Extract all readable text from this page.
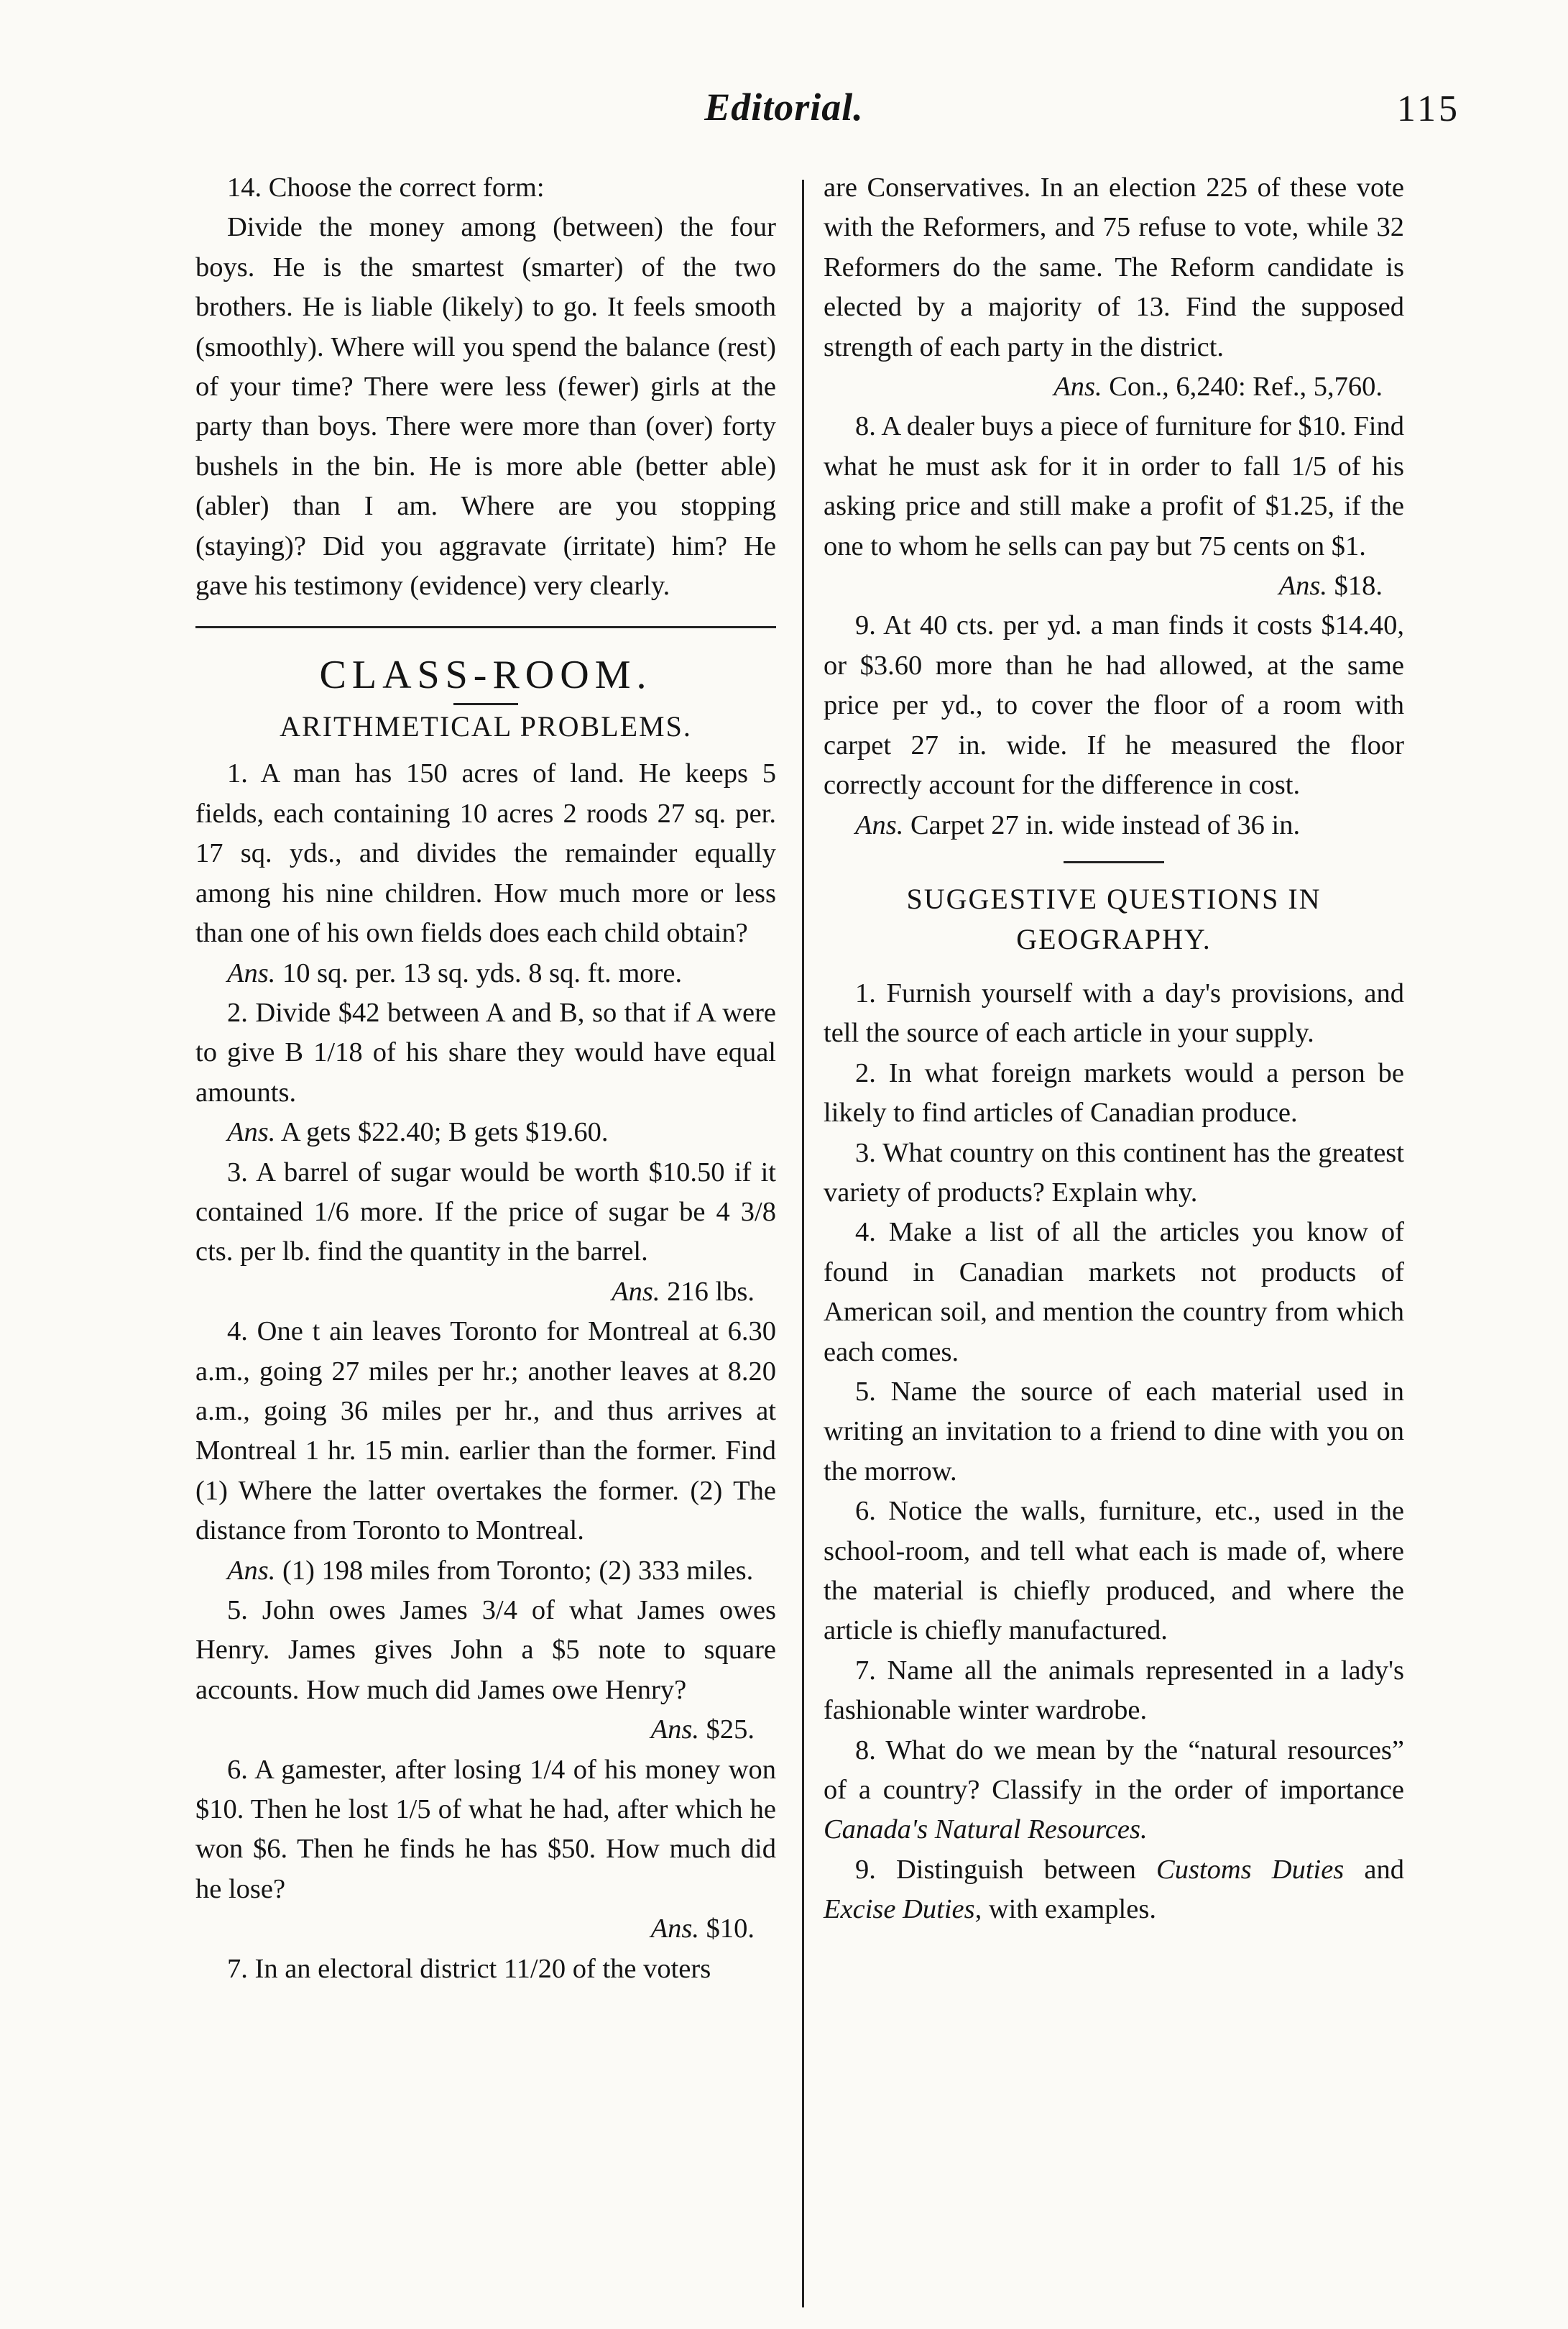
Editorial.	115

14. Choose the correct form:

Divide the money among (between) the four boys. He is the smartest (smarter) of the two brothers. He is liable (likely) to go. It feels smooth (smoothly). Where will you spend the balance (rest) of your time? There were less (fewer) girls at the party than boys. There were more than (over) forty bushels in the bin. He is more able (better able) (abler) than I am. Where are you stopping (staying)? Did you aggravate (irritate) him? He gave his testimony (evidence) very clearly.

CLASS-ROOM.
ARITHMETICAL PROBLEMS.

1. A man has 150 acres of land. He keeps 5 fields, each containing 10 acres 2 roods 27 sq. per. 17 sq. yds., and divides the remainder equally among his nine children. How much more or less than one of his own fields does each child obtain?

Ans. 10 sq. per. 13 sq. yds. 8 sq. ft. more.

2. Divide $42 between A and B, so that if A were to give B 1/18 of his share they would have equal amounts.

Ans. A gets $22.40; B gets $19.60.

3. A barrel of sugar would be worth $10.50 if it contained 1/6 more. If the price of sugar be 4 3/8 cts. per lb. find the quantity in the barrel.

Ans. 216 lbs.

4. One t ain leaves Toronto for Montreal at 6.30 a.m., going 27 miles per hr.; another leaves at 8.20 a.m., going 36 miles per hr., and thus arrives at Montreal 1 hr. 15 min. earlier than the former. Find (1) Where the latter overtakes the former. (2) The distance from Toronto to Montreal.

Ans. (1) 198 miles from Toronto; (2) 333 miles.

5. John owes James 3/4 of what James owes Henry. James gives John a $5 note to square accounts. How much did James owe Henry?

Ans. $25.

6. A gamester, after losing 1/4 of his money won $10. Then he lost 1/5 of what he had, after which he won $6. Then he finds he has $50. How much did he lose?

Ans. $10.

7. In an electoral district 11/20 of the voters

are Conservatives. In an election 225 of these vote with the Reformers, and 75 refuse to vote, while 32 Reformers do the same. The Reform candidate is elected by a majority of 13. Find the supposed strength of each party in the district.

Ans. Con., 6,240: Ref., 5,760.

8. A dealer buys a piece of furniture for $10. Find what he must ask for it in order to fall 1/5 of his asking price and still make a profit of $1.25, if the one to whom he sells can pay but 75 cents on $1.

Ans. $18.

9. At 40 cts. per yd. a man finds it costs $14.40, or $3.60 more than he had allowed, at the same price per yd., to cover the floor of a room with carpet 27 in. wide. If he measured the floor correctly account for the difference in cost.

Ans. Carpet 27 in. wide instead of 36 in.

SUGGESTIVE QUESTIONS IN
GEOGRAPHY.

1. Furnish yourself with a day's provisions, and tell the source of each article in your supply.

2. In what foreign markets would a person be likely to find articles of Canadian produce.

3. What country on this continent has the greatest variety of products? Explain why.

4. Make a list of all the articles you know of found in Canadian markets not products of American soil, and mention the country from which each comes.

5. Name the source of each material used in writing an invitation to a friend to dine with you on the morrow.

6. Notice the walls, furniture, etc., used in the school-room, and tell what each is made of, where the material is chiefly produced, and where the article is chiefly manufactured.

7. Name all the animals represented in a lady's fashionable winter wardrobe.

8. What do we mean by the “natural resources” of a country? Classify in the order of importance Canada's Natural Resources.

9. Distinguish between Customs Duties and Excise Duties, with examples.
